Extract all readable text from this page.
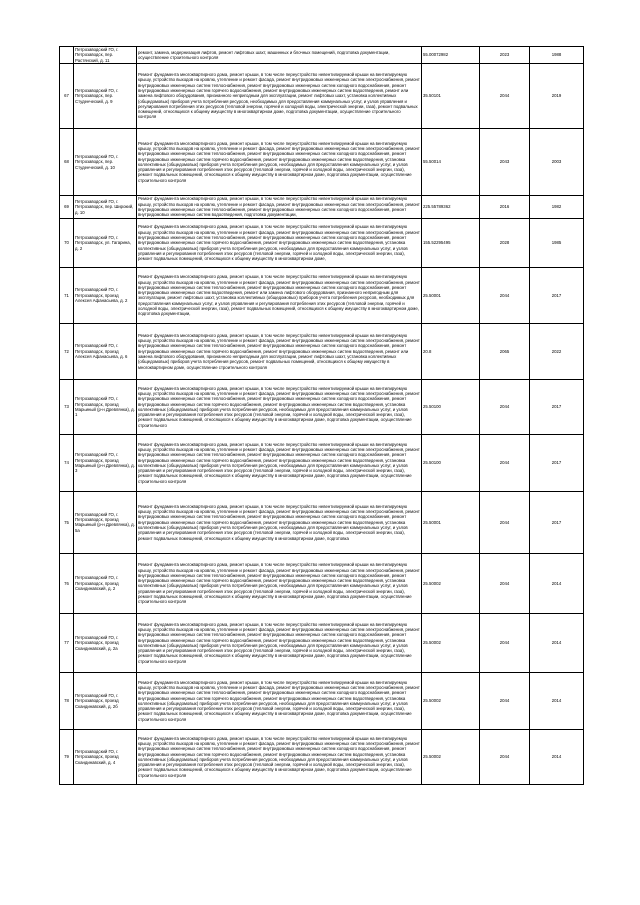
	Петрозаводский ГО, г. Петрозаводск, пер. Растянский, д. 11	ремонт, замена, модернизация лифтов, ремонт лифтовых шахт, машинных и блочных помещений, подготовка документации, осуществление строительного контроля	55.00072982	2023	1988
67	Петрозаводский ГО, г. Петрозаводск, пер. Студенческий, д. 9	Ремонт фундамента многоквартирного дома, ремонт крыши, в том числе переустройство невентилируемой крыши на вентилируемую крышу, устройство выходов на кровлю, утепление и ремонт фасада, ремонт внутридомовых инженерных систем электроснабжения, ремонт внутридомовых инженерных систем теплоснабжения, ремонт внутридомовых инженерных систем холодного водоснабжения, ремонт внутридомовых инженерных систем горячего водоснабжения, ремонт внутридомовых инженерных систем водоотведения, ремонт или замена лифтового оборудования, признанного непригодным для эксплуатации, ремонт лифтовых шахт, установка коллективных (общедомовых) приборов учета потребления ресурсов, необходимых для предоставления коммунальных услуг, и узлов управления и регулирования потребления этих ресурсов (тепловой энергии, горячей и холодной воды, электрической энергии, газа), ремонт подвальных помещений, относящихся к общему имуществу в многоквартирном доме, подготовка документации, осуществление строительного контроля	35.50101	2044	2019
68	Петрозаводский ГО, г. Петрозаводск, пер. Студенческий, д. 10	Ремонт фундамента многоквартирного дома, ремонт крыши, в том числе переустройство невентилируемой крыши на вентилируемую крышу, устройство выходов на кровлю, утепление и ремонт фасада, ремонт внутридомовых инженерных систем электроснабжения, ремонт внутридомовых инженерных систем теплоснабжения, ремонт внутридомовых инженерных систем холодного водоснабжения, ремонт внутридомовых инженерных систем горячего водоснабжения, ремонт внутридомовых инженерных систем водоотведения, установка коллективных (общедомовых) приборов учета потребления ресурсов, необходимых для предоставления коммунальных услуг, и узлов управления и регулирования потребления этих ресурсов (тепловой энергии, горячей и холодной воды, электрической энергии, газа), ремонт подвальных помещений, относящихся к общему имуществу в многоквартирном доме, подготовка документации, осуществление строительного контроля	55.50014	2043	2003
69	Петрозаводский ГО, г. Петрозаводск, пер. Широкий, д. 10	Ремонт фундамента многоквартирного дома, ремонт крыши, в том числе переустройство невентилируемой крыши на вентилируемую крышу, устройство выходов на кровлю, утепление и ремонт фасада, ремонт внутридомовых инженерных систем электроснабжения, ремонт внутридомовых инженерных систем теплоснабжения, ремонт внутридомовых инженерных систем холодного водоснабжения, ремонт внутридомовых инженерных систем водоотведения, подготовка документации,	225.55789362	2016	1982
70	Петрозаводский ГО, г. Петрозаводск, ул. Гагарина, д. 2	Ремонт фундамента многоквартирного дома, ремонт крыши, в том числе переустройство невентилируемой крыши на вентилируемую крышу, устройство выходов на кровлю, утепление и ремонт фасада, ремонт внутридомовых инженерных систем электроснабжения, ремонт внутридомовых инженерных систем теплоснабжения, ремонт внутридомовых инженерных систем холодного водоснабжения, ремонт внутридомовых инженерных систем горячего водоснабжения, ремонт внутридомовых инженерных систем водоотведения, установка коллективных (общедомовых) приборов учета потребления ресурсов, необходимых для предоставления коммунальных услуг, и узлов управления и регулирования потребления этих ресурсов (тепловой энергии, горячей и холодной воды, электрической энергии, газа), ремонт подвальных помещений, относящихся к общему имуществу в многоквартирном доме,	155.52295495	2028	1985
71	Петрозаводский ГО, г. Петрозаводск, проезд Алексея Афанасьева, д. 2	Ремонт фундамента многоквартирного дома, ремонт крыши, в том числе переустройство невентилируемой крыши на вентилируемую крышу, устройство выходов на кровлю, утепление и ремонт фасада, ремонт внутридомовых инженерных систем электроснабжения, ремонт внутридомовых инженерных систем теплоснабжения, ремонт внутридомовых инженерных систем холодного водоснабжения, ремонт внутридомовых инженерных систем водоотведения, ремонт или замена лифтового оборудования, признанного непригодным для эксплуатации, ремонт лифтовых шахт, установка коллективных (общедомовых) приборов учета потребления ресурсов, необходимых для предоставления коммунальных услуг, и узлов управления и регулирования потребления этих ресурсов (тепловой энергии, горячей и холодной воды, электрической энергии, газа), ремонт подвальных помещений, относящихся к общему имуществу в многоквартирном доме, подготовка документации,	25.50001	2044	2017
72	Петрозаводский ГО, г. Петрозаводск, проезд Алексея Афанасьева, д. 6	Ремонт фундамента многоквартирного дома, ремонт крыши, в том числе переустройство невентилируемой крыши на вентилируемую крышу, устройство выходов на кровлю, утепление и ремонт фасада, ремонт внутридомовых инженерных систем электроснабжения, ремонт внутридомовых инженерных систем теплоснабжения, ремонт внутридомовых инженерных систем холодного водоснабжения, ремонт внутридомовых инженерных систем горячего водоснабжения, ремонт внутридомовых инженерных систем водоотведения, ремонт или замена лифтового оборудования, признанного непригодным для эксплуатации, ремонт лифтовых шахт, установка коллективных (общедомовых) приборов учета потребления ресурсов, ремонт подвальных помещений, относящихся к общему имуществу в многоквартирном доме, осуществление строительного контроля	20.8	2065	2022
73	Петрозаводский ГО, г. Петрозаводск, проезд Марьиный (р-н Древлянка), д. 1	Ремонт фундамента многоквартирного дома, ремонт крыши, в том числе переустройство невентилируемой крыши на вентилируемую крышу, устройство выходов на кровлю, утепление и ремонт фасада, ремонт внутридомовых инженерных систем электроснабжения, ремонт внутридомовых инженерных систем теплоснабжения, ремонт внутридомовых инженерных систем холодного водоснабжения, ремонт внутридомовых инженерных систем горячего водоснабжения, ремонт внутридомовых инженерных систем водоотведения, установка коллективных (общедомовых) приборов учета потребления ресурсов, необходимых для предоставления коммунальных услуг, и узлов управления и регулирования потребления этих ресурсов (тепловой энергии, горячей и холодной воды, электрической энергии, газа), ремонт подвальных помещений, относящихся к общему имуществу в многоквартирном доме, подготовка документации, осуществление строительного	25.50100	2044	2017
74	Петрозаводский ГО, г. Петрозаводск, проезд Марьиный (р-н Древлянка), д. 3	Ремонт фундамента многоквартирного дома, ремонт крыши, в том числе переустройство невентилируемой крыши на вентилируемую крышу, устройство выходов на кровлю, утепление и ремонт фасада, ремонт внутридомовых инженерных систем электроснабжения, ремонт внутридомовых инженерных систем теплоснабжения, ремонт внутридомовых инженерных систем холодного водоснабжения, ремонт внутридомовых инженерных систем горячего водоснабжения, ремонт внутридомовых инженерных систем водоотведения, установка коллективных (общедомовых) приборов учета потребления ресурсов, необходимых для предоставления коммунальных услуг, и узлов управления и регулирования потребления этих ресурсов (тепловой энергии, горячей и холодной воды, электрической энергии, газа), ремонт подвальных помещений, относящихся к общему имуществу в многоквартирном доме, подготовка документации, осуществление строительного контроля	25.50100	2044	2017
75	Петрозаводский ГО, г. Петрозаводск, проезд Марьиный (р-н Древлянка), д. 5а	Ремонт фундамента многоквартирного дома, ремонт крыши, в том числе переустройство невентилируемой крыши на вентилируемую крышу, устройство выходов на кровлю, утепление и ремонт фасада, ремонт внутридомовых инженерных систем электроснабжения, ремонт внутридомовых инженерных систем теплоснабжения, ремонт внутридомовых инженерных систем холодного водоснабжения, ремонт внутридомовых инженерных систем горячего водоснабжения, ремонт внутридомовых инженерных систем водоотведения, установка коллективных (общедомовых) приборов учета потребления ресурсов, необходимых для предоставления коммунальных услуг, и узлов управления и регулирования потребления этих ресурсов (тепловой энергии, горячей и холодной воды, электрической энергии, газа), ремонт подвальных помещений, относящихся к общему имуществу в многоквартирном доме, подготовка	25.50001	2044	2017
76	Петрозаводский ГО, г. Петрозаводск, проезд Скандинавский, д. 2	Ремонт фундамента многоквартирного дома, ремонт крыши, в том числе переустройство невентилируемой крыши на вентилируемую крышу, устройство выходов на кровлю, утепление и ремонт фасада, ремонт внутридомовых инженерных систем электроснабжения, ремонт внутридомовых инженерных систем теплоснабжения, ремонт внутридомовых инженерных систем холодного водоснабжения, ремонт внутридомовых инженерных систем горячего водоснабжения, ремонт внутридомовых инженерных систем водоотведения, установка коллективных (общедомовых) приборов учета потребления ресурсов, необходимых для предоставления коммунальных услуг, и узлов управления и регулирования потребления этих ресурсов (тепловой энергии, горячей и холодной воды, электрической энергии, газа), ремонт подвальных помещений, относящихся к общему имуществу в многоквартирном доме, подготовка документации, осуществление строительного контроля	25.50002	2044	2014
77	Петрозаводский ГО, г. Петрозаводск, проезд Скандинавский, д. 2а	Ремонт фундамента многоквартирного дома, ремонт крыши, в том числе переустройство невентилируемой крыши на вентилируемую крышу, устройство выходов на кровлю, утепление и ремонт фасада, ремонт внутридомовых инженерных систем электроснабжения, ремонт внутридомовых инженерных систем теплоснабжения, ремонт внутридомовых инженерных систем холодного водоснабжения, ремонт внутридомовых инженерных систем горячего водоснабжения, ремонт внутридомовых инженерных систем водоотведения, установка коллективных (общедомовых) приборов учета потребления ресурсов, необходимых для предоставления коммунальных услуг, и узлов управления и регулирования потребления этих ресурсов (тепловой энергии, горячей и холодной воды, электрической энергии, газа), ремонт подвальных помещений, относящихся к общему имуществу в многоквартирном доме, подготовка документации, осуществление строительного контроля	25.50002	2044	2014
78	Петрозаводский ГО, г. Петрозаводск, проезд Скандинавский, д. 2б	Ремонт фундамента многоквартирного дома, ремонт крыши, в том числе переустройство невентилируемой крыши на вентилируемую крышу, устройство выходов на кровлю, утепление и ремонт фасада, ремонт внутридомовых инженерных систем электроснабжения, ремонт внутридомовых инженерных систем теплоснабжения, ремонт внутридомовых инженерных систем холодного водоснабжения, ремонт внутридомовых инженерных систем горячего водоснабжения, ремонт внутридомовых инженерных систем водоотведения, установка коллективных (общедомовых) приборов учета потребления ресурсов, необходимых для предоставления коммунальных услуг, и узлов управления и регулирования потребления этих ресурсов (тепловой энергии, горячей и холодной воды, электрической энергии, газа), ремонт подвальных помещений, относящихся к общему имуществу в многоквартирном доме, подготовка документации, осуществление строительного контроля	25.50002	2044	2014
79	Петрозаводский ГО, г. Петрозаводск, проезд Скандинавский, д. 4	Ремонт фундамента многоквартирного дома, ремонт крыши, в том числе переустройство невентилируемой крыши на вентилируемую крышу, устройство выходов на кровлю, утепление и ремонт фасада, ремонт внутридомовых инженерных систем электроснабжения, ремонт внутридомовых инженерных систем теплоснабжения, ремонт внутридомовых инженерных систем холодного водоснабжения, ремонт внутридомовых инженерных систем горячего водоснабжения, ремонт внутридомовых инженерных систем водоотведения, установка коллективных (общедомовых) приборов учета потребления ресурсов, необходимых для предоставления коммунальных услуг, и узлов управления и регулирования потребления этих ресурсов (тепловой энергии, горячей и холодной воды, электрической энергии, газа), ремонт подвальных помещений, относящихся к общему имуществу в многоквартирном доме, подготовка документации, осуществление строительного контроля	25.50002	2044	2014
